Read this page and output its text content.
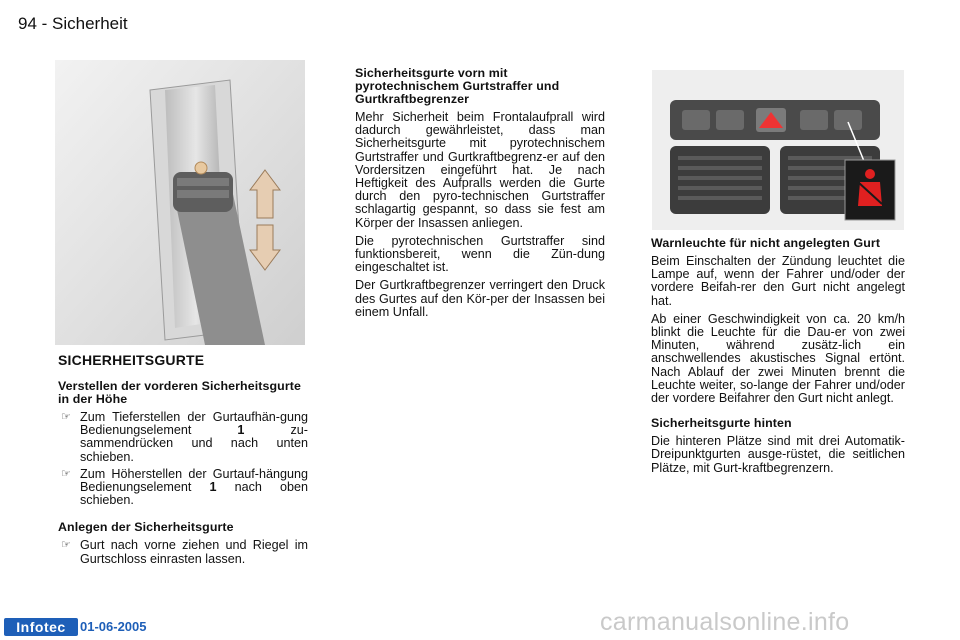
94 - Sicherheit
SICHERHEITSGURTE
Verstellen der vorderen Sicherheitsgurte in der Höhe
☞ Zum Tieferstellen der Gurtaufhän-gung Bedienungselement	1	zu-sammendrücken und nach unten schieben.
☞ Zum Höherstellen der Gurtauf-hängung Bedienungselement 1 nach oben schieben.
Anlegen der Sicherheitsgurte
☞ Gurt nach vorne ziehen und Riegel im Gurtschloss einrasten lassen.
Sicherheitsgurte vorn mit pyrotechnischem Gurtstraffer und Gurtkraftbegrenzer

Mehr Sicherheit beim Frontalaufprall wird dadurch gewährleistet, dass man Sicherheitsgurte mit pyrotechnischem Gurtstraffer und Gurtkraftbegrenz-er auf den Vordersitzen eingeführt hat. Je nach Heftigkeit des Aufpralls werden die Gurte durch den pyro-technischen Gurtstraffer schlagartig gespannt, so dass sie fest am Körper der Insassen anliegen.

Die pyrotechnischen Gurtstraffer sind funktionsbereit, wenn die Zün-dung eingeschaltet ist.

Der Gurtkraftbegrenzer verringert den Druck des Gurtes auf den Kör-per der Insassen bei einem Unfall.

Warnleuchte für nicht angelegten Gurt

Beim Einschalten der Zündung leuchtet die Lampe auf, wenn der Fahrer und/oder der vordere Beifah-rer den Gurt nicht angelegt hat.

Ab einer Geschwindigkeit von ca. 20 km/h blinkt die Leuchte für die Dau-er von zwei Minuten, während zusätz-lich ein anschwellendes akustisches Signal ertönt. Nach Ablauf der zwei Minuten brennt die Leuchte weiter, so-lange der Fahrer und/oder der vordere Beifahrer den Gurt nicht anlegt.

Sicherheitsgurte hinten

Die hinteren Plätze sind mit drei Automatik-Dreipunktgurten ausge-rüstet, die seitlichen Plätze, mit Gurt-kraftbegrenzern.

Infotec	01-06-2005	carmanualsonline.info
